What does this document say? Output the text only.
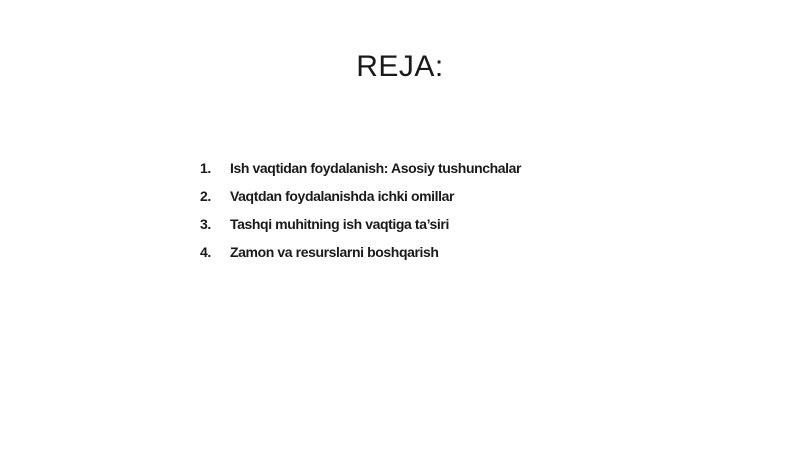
REJA:
1.	Ish vaqtidan foydalanish: Asosiy tushunchalar
2.	Vaqtdan foydalanishda ichki omillar
3.	Tashqi muhitning ish vaqtiga ta’siri
4.	Zamon va resurslarni boshqarish
